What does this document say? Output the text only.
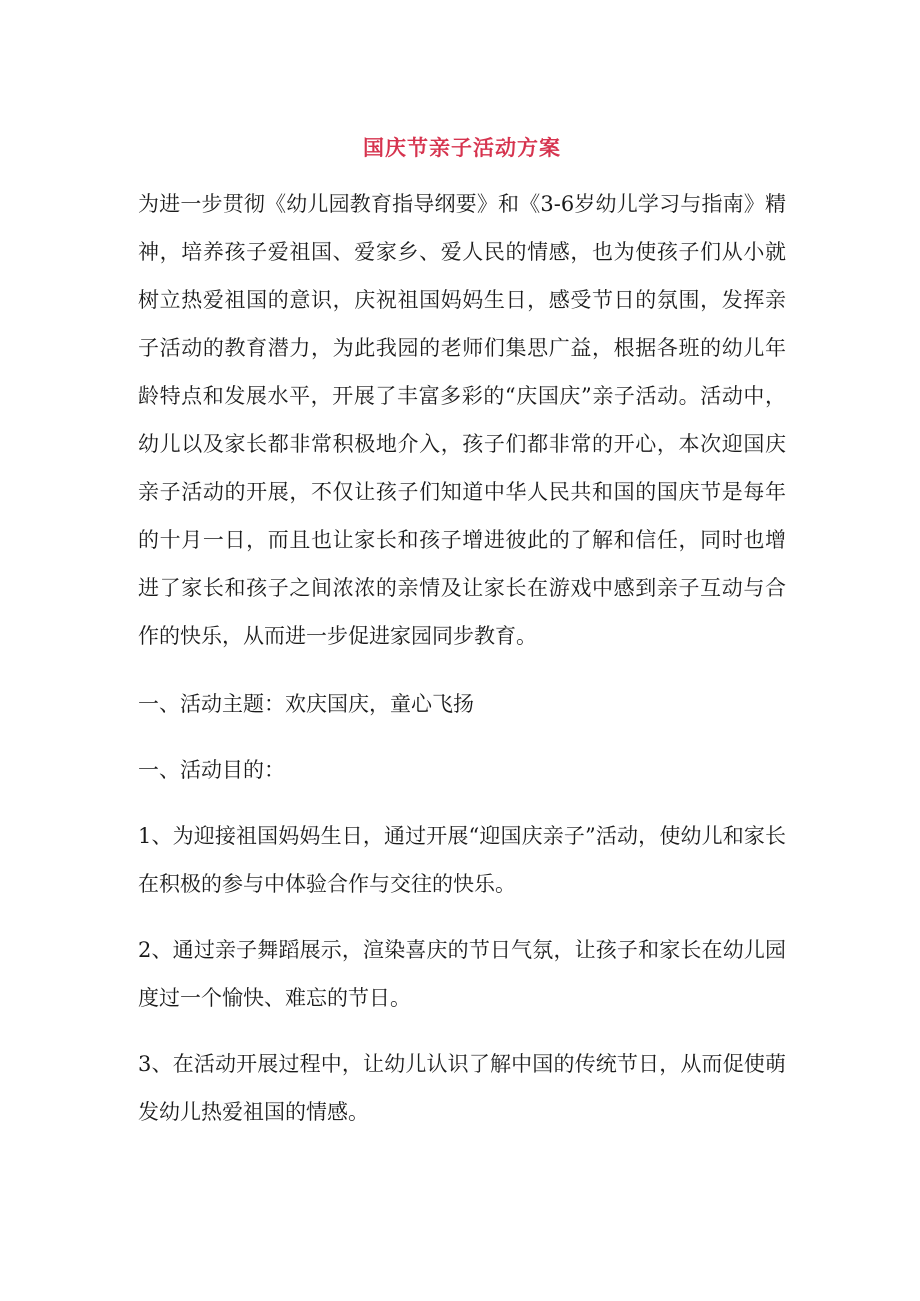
国庆节亲子活动方案

为进一步贯彻《幼儿园教育指导纲要》和《3-6岁幼儿学习与指南》精神，培养孩子爱祖国、爱家乡、爱人民的情感，也为使孩子们从小就树立热爱祖国的意识，庆祝祖国妈妈生日，感受节日的氛围，发挥亲子活动的教育潜力，为此我园的老师们集思广益，根据各班的幼儿年龄特点和发展水平，开展了丰富多彩的“庆国庆”亲子活动。活动中，幼儿以及家长都非常积极地介入，孩子们都非常的开心，本次迎国庆亲子活动的开展，不仅让孩子们知道中华人民共和国的国庆节是每年的十月一日，而且也让家长和孩子增进彼此的了解和信任，同时也增进了家长和孩子之间浓浓的亲情及让家长在游戏中感到亲子互动与合作的快乐，从而进一步促进家园同步教育。

一、活动主题：欢庆国庆，童心飞扬

一、活动目的：

1、为迎接祖国妈妈生日，通过开展“迎国庆亲子”活动，使幼儿和家长在积极的参与中体验合作与交往的快乐。

2、通过亲子舞蹈展示，渲染喜庆的节日气氛，让孩子和家长在幼儿园度过一个愉快、难忘的节日。

3、在活动开展过程中，让幼儿认识了解中国的传统节日，从而促使萌发幼儿热爱祖国的情感。
